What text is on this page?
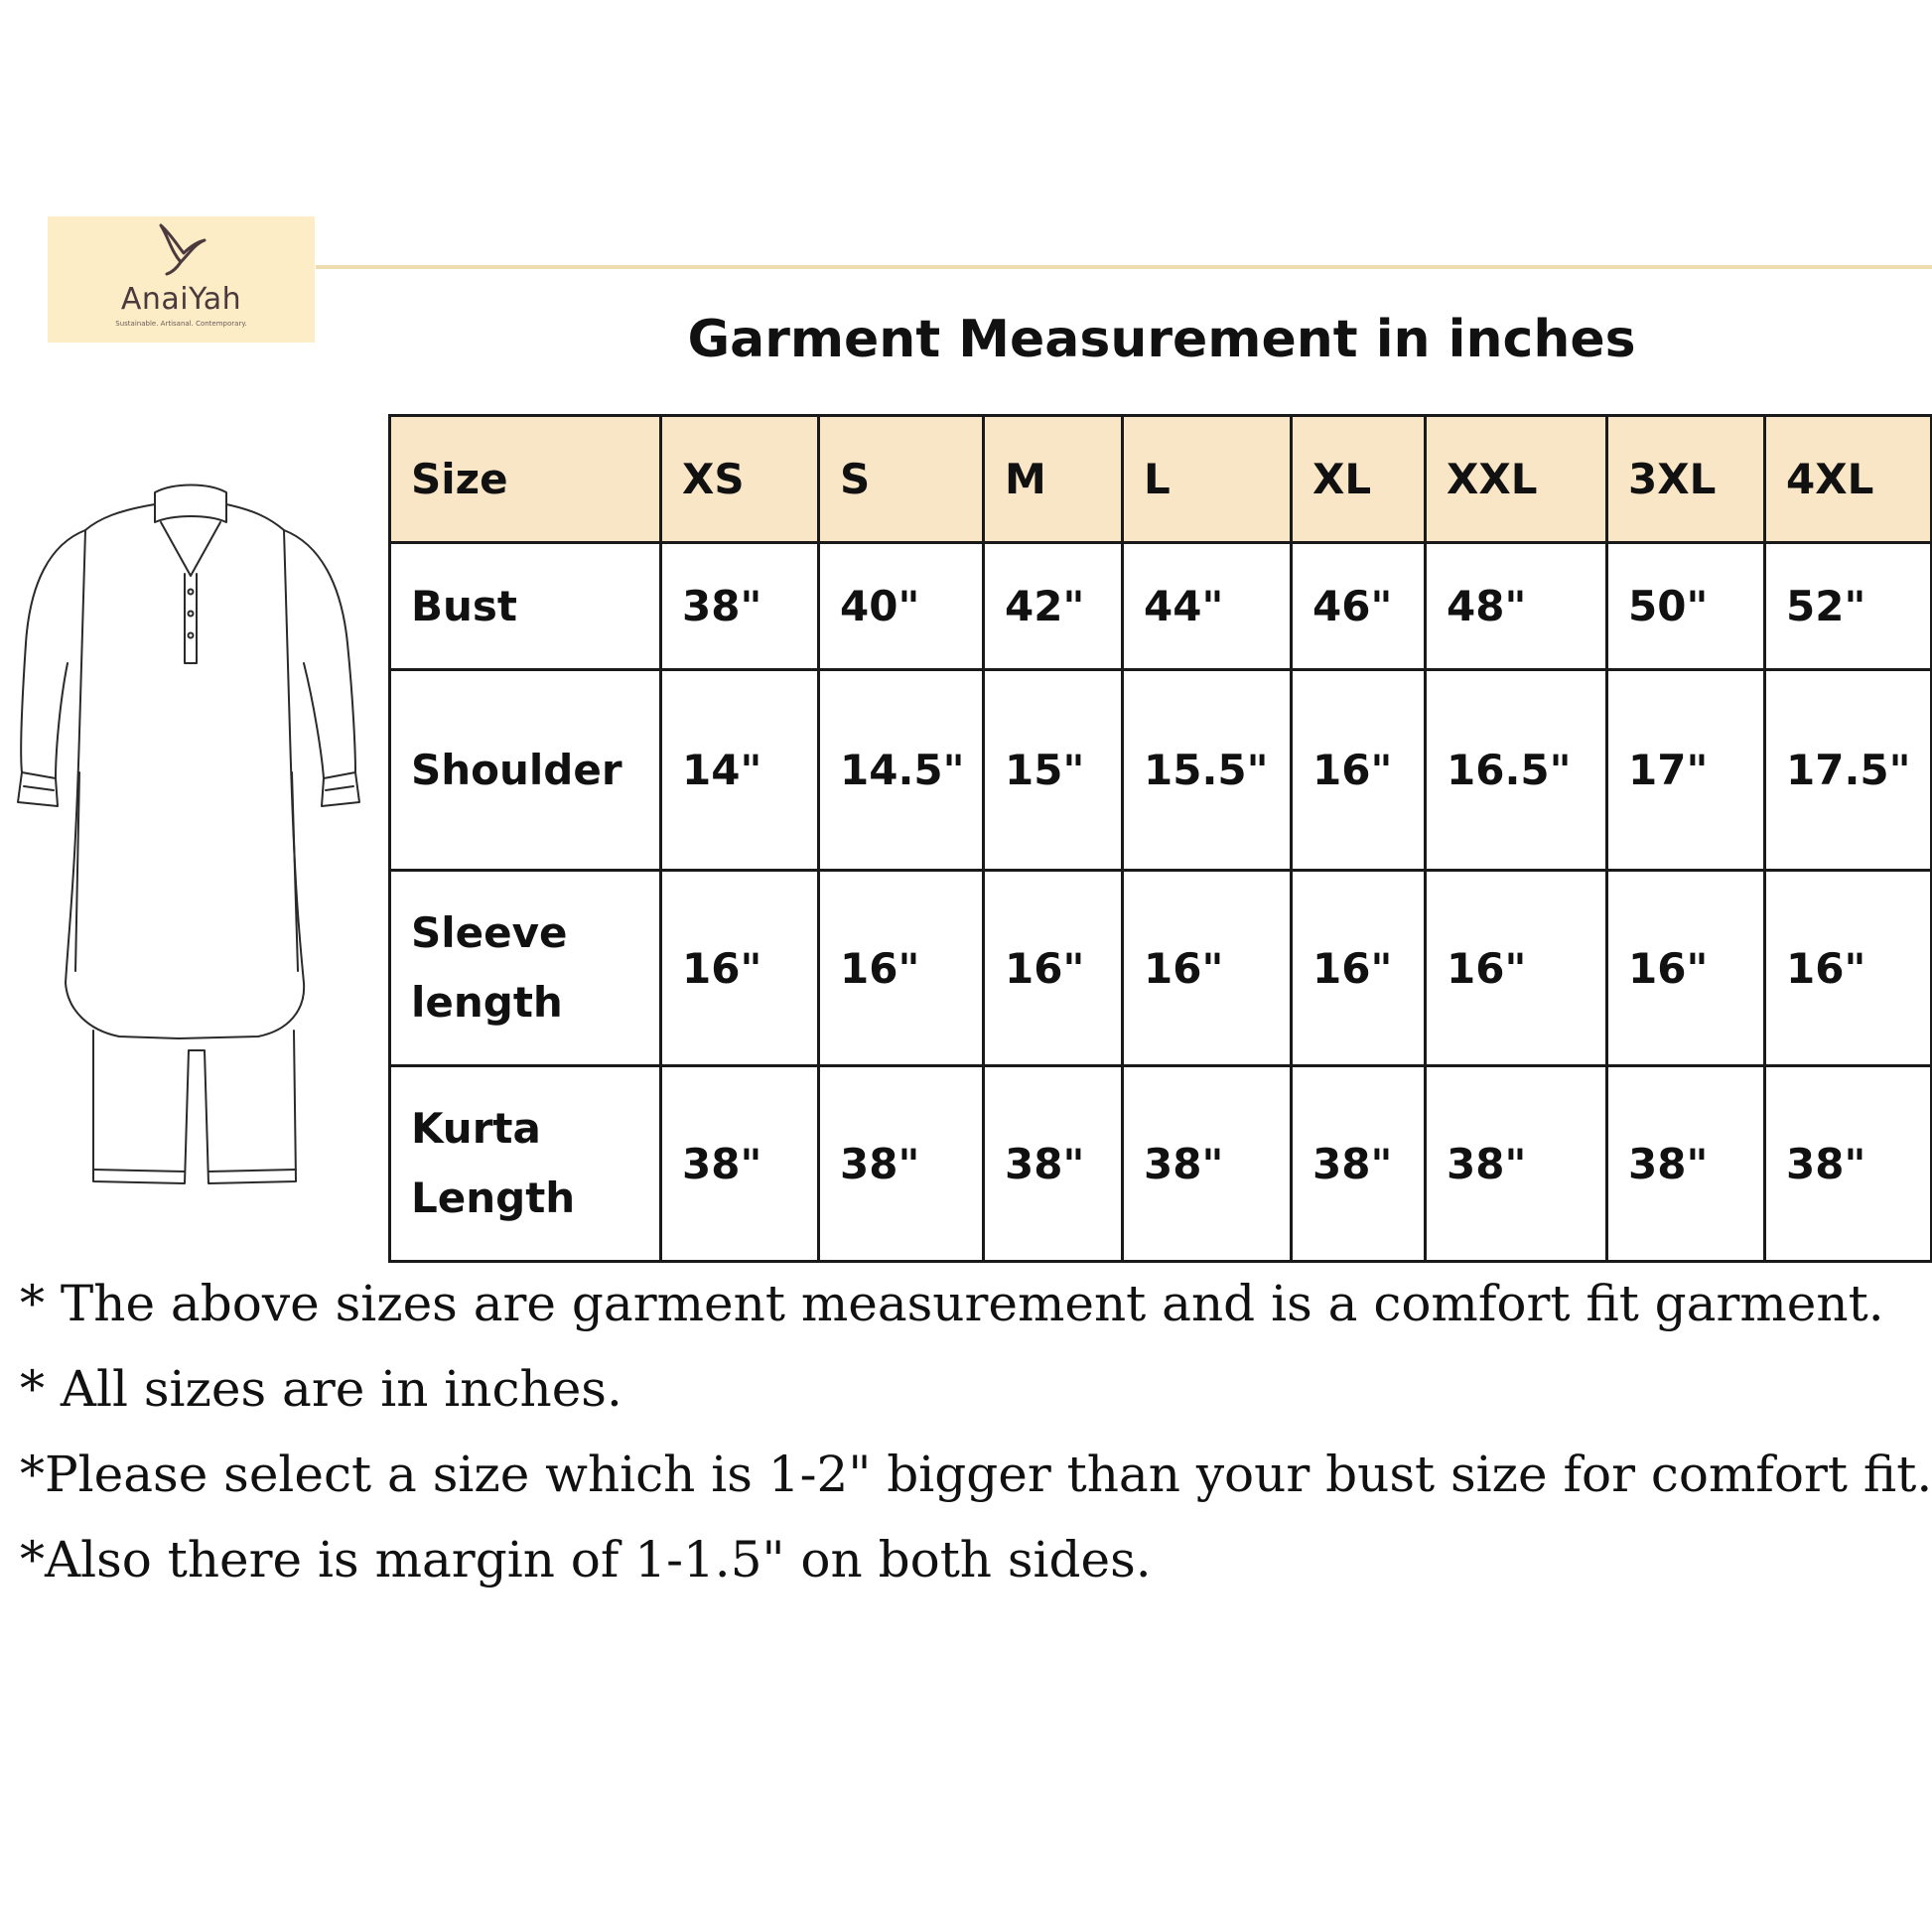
AnaiYah
Sustainable. Artisanal. Contemporary.	Garment Measurement in inches
Size	XS	S	M	L	XL	XXL	3XL	4XL
Bust	38"	40"	42"	44"	46"	48"	50"	52"
Shoulder	14"	14.5"	15"	15.5"	16"	16.5"	17"	17.5"
Sleeve length	16"	16"	16"	16"	16"	16"	16"	16"
Kurta Length	38"	38"	38"	38"	38"	38"	38"	38"
* The above sizes are garment measurement and is a comfort fit garment.
* All sizes are in inches.
*Please select a size which is 1-2" bigger than your bust size for comfort fit.
*Also there is margin of 1-1.5" on both sides.
